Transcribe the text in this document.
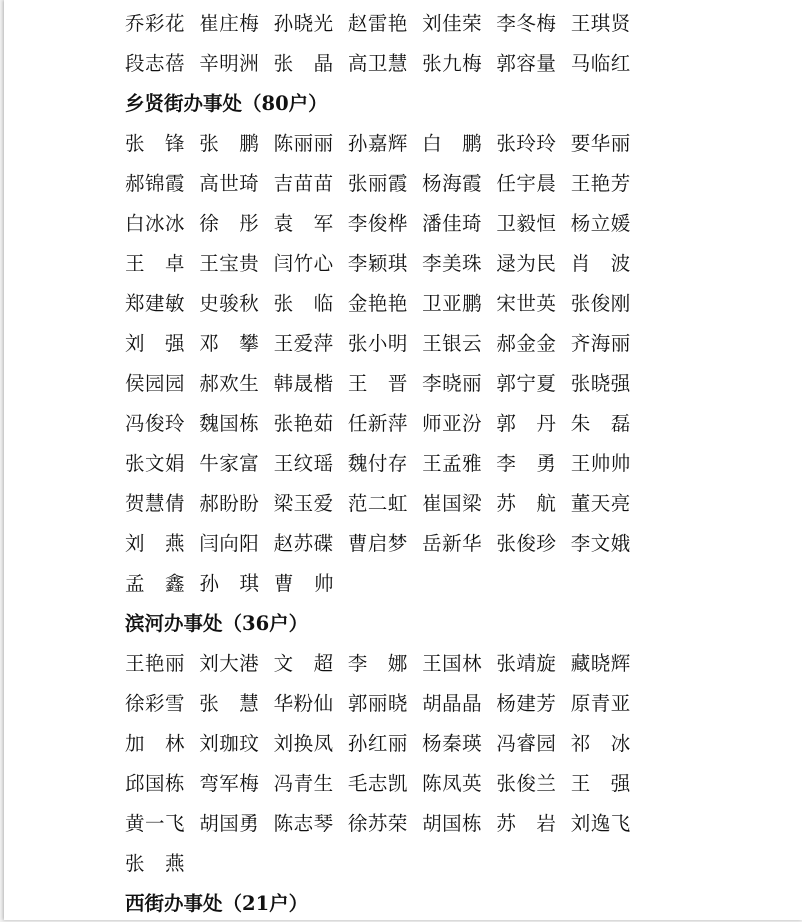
乔彩花 崔庄梅 孙晓光 赵雷艳 刘佳荣 李冬梅 王琪贤
段志蓓 辛明洲 张　晶 高卫慧 张九梅 郭容量 马临红
乡贤街办事处（80户）
张　锋 张　鹏 陈丽丽 孙嘉辉 白　鹏 张玲玲 要华丽
郝锦霞 高世琦 吉苗苗 张丽霞 杨海霞 任宇晨 王艳芳
白冰冰 徐　彤 袁　军 李俊桦 潘佳琦 卫毅恒 杨立媛
王　卓 王宝贵 闫竹心 李颖琪 李美珠 逯为民 肖　波
郑建敏 史骏秋 张　临 金艳艳 卫亚鹏 宋世英 张俊刚
刘　强 邓　攀 王爱萍 张小明 王银云 郝金金 齐海丽
侯园园 郝欢生 韩晟楷 王　晋 李晓丽 郭宁夏 张晓强
冯俊玲 魏国栋 张艳茹 任新萍 师亚汾 郭　丹 朱　磊
张文娟 牛家富 王纹瑶 魏付存 王孟雅 李　勇 王帅帅
贺慧倩 郝盼盼 梁玉爱 范二虹 崔国梁 苏　航 董天亮
刘　燕 闫向阳 赵苏碟 曹启梦 岳新华 张俊珍 李文娥
孟　鑫 孙　琪 曹　帅
滨河办事处（36户）
王艳丽 刘大港 文　超 李　娜 王国林 张靖旋 藏晓辉
徐彩雪 张　慧 华粉仙 郭丽晓 胡晶晶 杨建芳 原青亚
加　林 刘珈玟 刘换凤 孙红丽 杨秦瑛 冯睿园 祁　冰
邱国栋 弯军梅 冯青生 毛志凯 陈凤英 张俊兰 王　强
黄一飞 胡国勇 陈志琴 徐苏荣 胡国栋 苏　岩 刘逸飞
张　燕
西街办事处（21户）
